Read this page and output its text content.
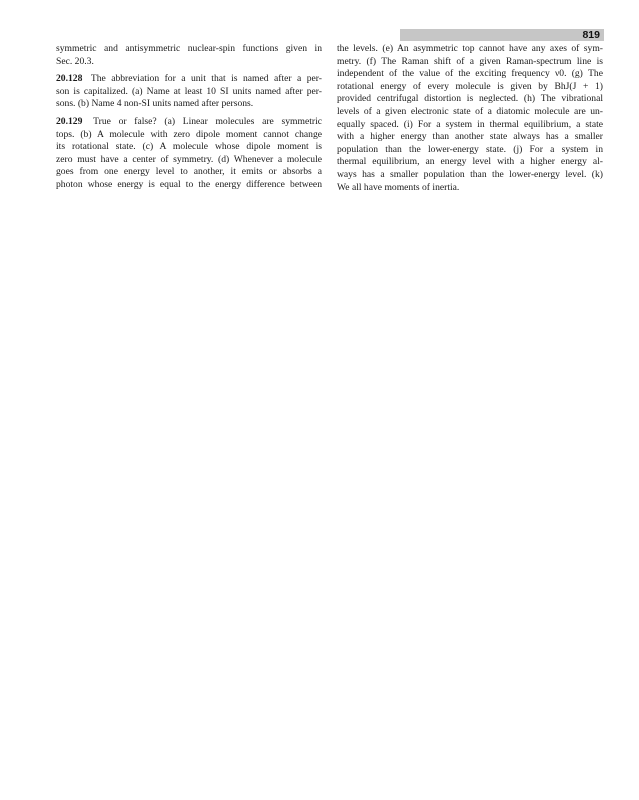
819

symmetric and antisymmetric nuclear-spin functions given in
Sec. 20.3.

20.128 The abbreviation for a unit that is named after a per-
son is capitalized. (a) Name at least 10 SI units named after per-
sons. (b) Name 4 non-SI units named after persons.

20.129 True or false? (a) Linear molecules are symmetric
tops. (b) A molecule with zero dipole moment cannot change
its rotational state. (c) A molecule whose dipole moment is
zero must have a center of symmetry. (d) Whenever a molecule
goes from one energy level to another, it emits or absorbs a
photon whose energy is equal to the energy difference between

the levels. (e) An asymmetric top cannot have any axes of sym-
metry. (f) The Raman shift of a given Raman-spectrum line is
independent of the value of the exciting frequency ν0. (g) The
rotational energy of every molecule is given by BhJ(J + 1)
provided centrifugal distortion is neglected. (h) The vibrational
levels of a given electronic state of a diatomic molecule are un-
equally spaced. (i) For a system in thermal equilibrium, a state
with a higher energy than another state always has a smaller
population than the lower-energy state. (j) For a system in
thermal equilibrium, an energy level with a higher energy al-
ways has a smaller population than the lower-energy level. (k)
We all have moments of inertia.
